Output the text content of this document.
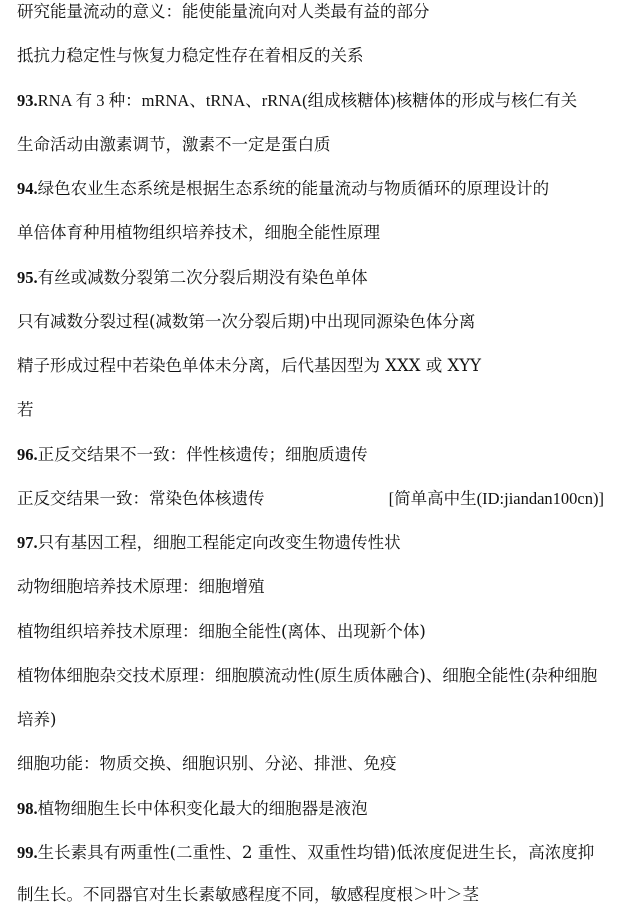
研究能量流动的意义：能使能量流向对人类最有益的部分
抵抗力稳定性与恢复力稳定性存在着相反的关系
93.RNA 有 3 种：mRNA、tRNA、rRNA(组成核糖体)核糖体的形成与核仁有关
生命活动由激素调节，激素不一定是蛋白质
94.绿色农业生态系统是根据生态系统的能量流动与物质循环的原理设计的
单倍体育种用植物组织培养技术，细胞全能性原理
95.有丝或减数分裂第二次分裂后期没有染色单体
只有减数分裂过程(减数第一次分裂后期)中出现同源染色体分离
精子形成过程中若染色单体未分离，后代基因型为 XXX 或 XYY
若
96.正反交结果不一致：伴性核遗传；细胞质遗传
正反交结果一致：常染色体核遗传	[简单高中生(ID:jiandan100cn)]
97.只有基因工程，细胞工程能定向改变生物遗传性状
动物细胞培养技术原理：细胞增殖
植物组织培养技术原理：细胞全能性(离体、出现新个体)
植物体细胞杂交技术原理：细胞膜流动性(原生质体融合)、细胞全能性(杂种细胞
培养)
细胞功能：物质交换、细胞识别、分泌、排泄、免疫
98.植物细胞生长中体积变化最大的细胞器是液泡
99.生长素具有两重性(二重性、2 重性、双重性均错)低浓度促进生长，高浓度抑
制生长。不同器官对生长素敏感程度不同，敏感程度根＞叶＞茎
